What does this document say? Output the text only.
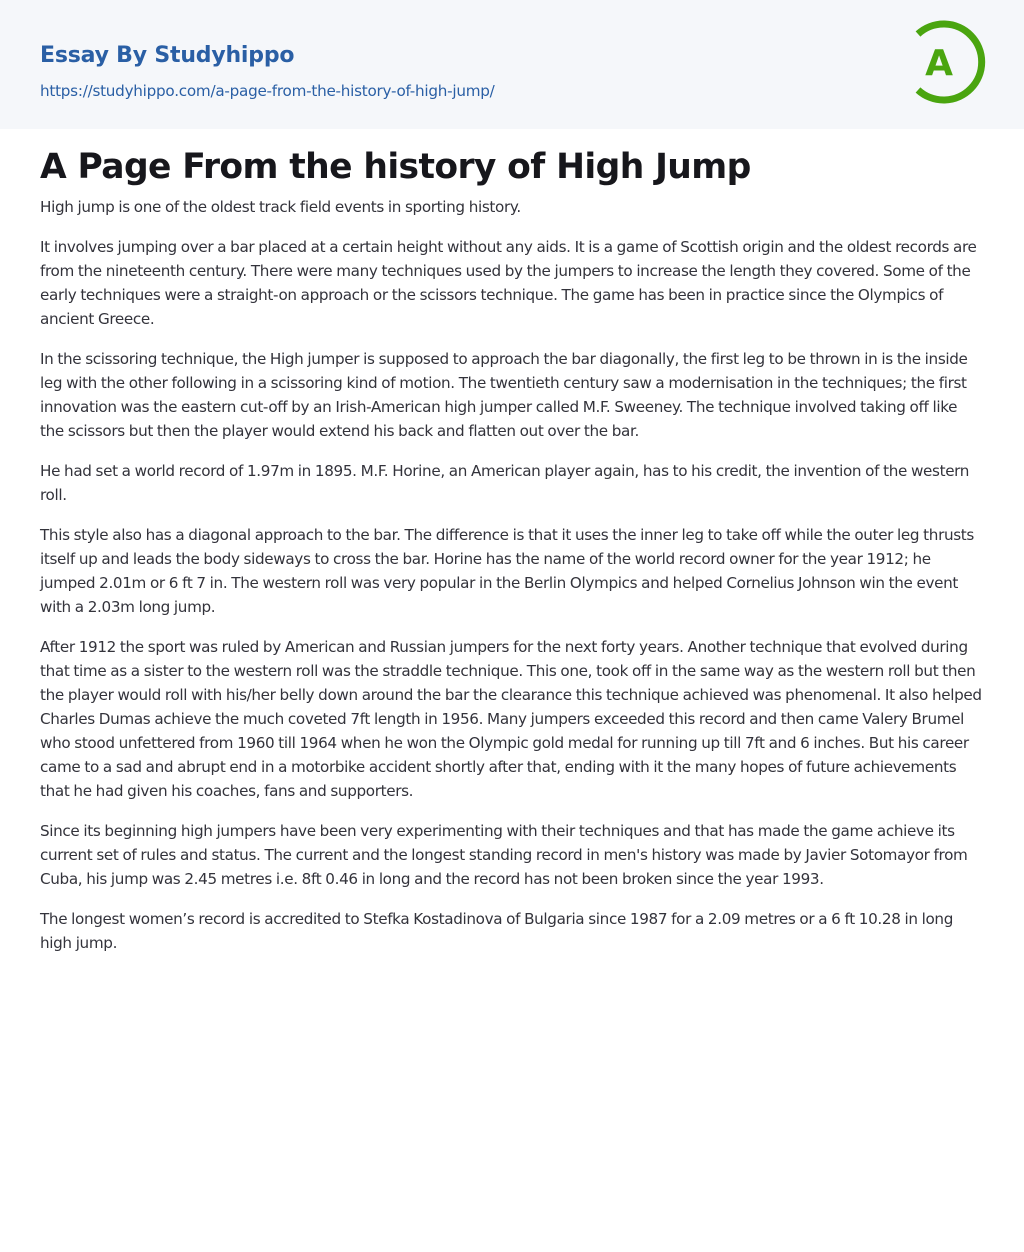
Essay By Studyhippo
https://studyhippo.com/a-page-from-the-history-of-high-jump/
A
A Page From the history of High Jump

High jump is one of the oldest track field events in sporting history.

It involves jumping over a bar placed at a certain height without any aids. It is a game of Scottish origin and the oldest records are from the nineteenth century. There were many techniques used by the jumpers to increase the length they covered. Some of the early techniques were a straight-on approach or the scissors technique. The game has been in practice since the Olympics of ancient Greece.

In the scissoring technique, the High jumper is supposed to approach the bar diagonally, the first leg to be thrown in is the inside leg with the other following in a scissoring kind of motion. The twentieth century saw a modernisation in the techniques; the first innovation was the eastern cut-off by an Irish-American high jumper called M.F. Sweeney. The technique involved taking off like the scissors but then the player would extend his back and flatten out over the bar.

He had set a world record of 1.97m in 1895. M.F. Horine, an American player again, has to his credit, the invention of the western roll.

This style also has a diagonal approach to the bar. The difference is that it uses the inner leg to take off while the outer leg thrusts itself up and leads the body sideways to cross the bar. Horine has the name of the world record owner for the year 1912; he jumped 2.01m or 6 ft 7 in. The western roll was very popular in the Berlin Olympics and helped Cornelius Johnson win the event with a 2.03m long jump.

After 1912 the sport was ruled by American and Russian jumpers for the next forty years. Another technique that evolved during that time as a sister to the western roll was the straddle technique. This one, took off in the same way as the western roll but then the player would roll with his/her belly down around the bar the clearance this technique achieved was phenomenal. It also helped Charles Dumas achieve the much coveted 7ft length in 1956. Many jumpers exceeded this record and then came Valery Brumel who stood unfettered from 1960 till 1964 when he won the Olympic gold medal for running up till 7ft and 6 inches. But his career came to a sad and abrupt end in a motorbike accident shortly after that, ending with it the many hopes of future achievements that he had given his coaches, fans and supporters.

Since its beginning high jumpers have been very experimenting with their techniques and that has made the game achieve its current set of rules and status. The current and the longest standing record in men's history was made by Javier Sotomayor from Cuba, his jump was 2.45 metres i.e. 8ft 0.46 in long and the record has not been broken since the year 1993.

The longest women’s record is accredited to Stefka Kostadinova of Bulgaria since 1987 for a 2.09 metres or a 6 ft 10.28 in long high jump.
